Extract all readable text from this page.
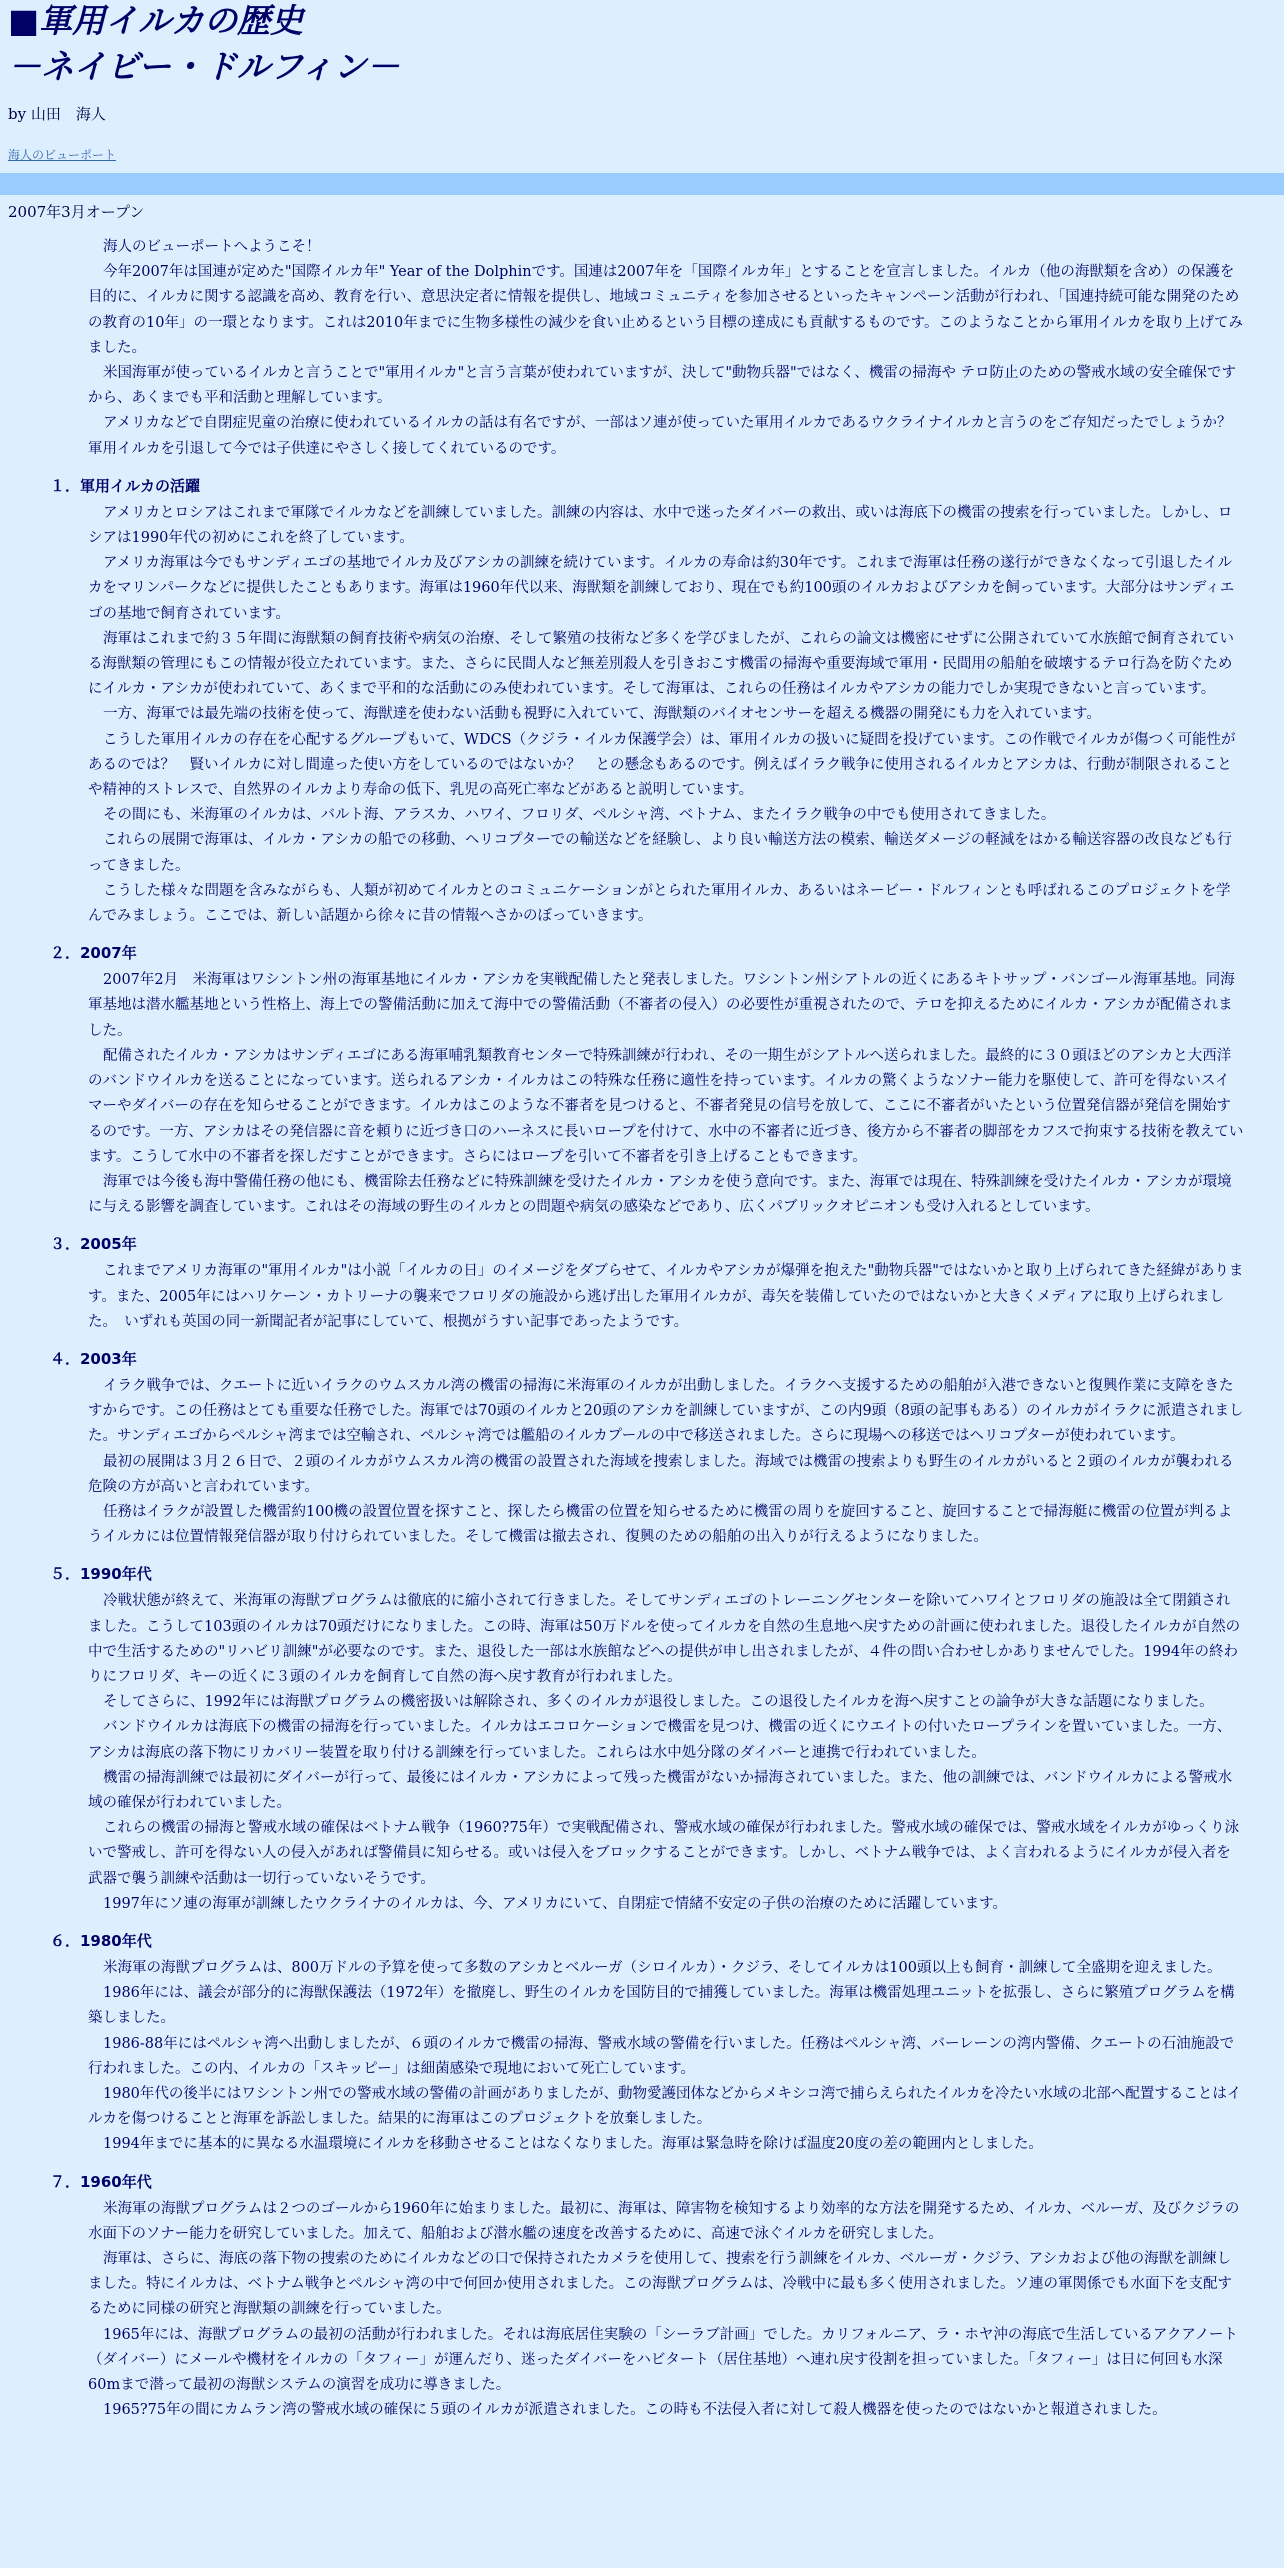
■軍用イルカの歴史
－ネイビー・ドルフィン－
by 山田　海人
海人のビューポート
2007年3月オープン

海人のビューポートへようこそ！

今年2007年は国連が定めた"国際イルカ年" Year of the Dolphinです。国連は2007年を「国際イルカ年」とすることを宣言しました。イルカ（他の海獣類を含め）の保護を目的に、イルカに関する認識を高め、教育を行い、意思決定者に情報を提供し、地域コミュニティを参加させるといったキャンペーン活動が行われ、「国連持続可能な開発のための教育の10年」の一環となります。これは2010年までに生物多様性の減少を食い止めるという目標の達成にも貢献するものです。このようなことから軍用イルカを取り上げてみました。

米国海軍が使っているイルカと言うことで"軍用イルカ"と言う言葉が使われていますが、決して"動物兵器"ではなく、機雷の掃海や テロ防止のための警戒水域の安全確保ですから、あくまでも平和活動と理解しています。

アメリカなどで自閉症児童の治療に使われているイルカの話は有名ですが、一部はソ連が使っていた軍用イルカであるウクライナイルカと言うのをご存知だったでしょうか？　軍用イルカを引退して今では子供達にやさしく接してくれているのです。

１．軍用イルカの活躍

アメリカとロシアはこれまで軍隊でイルカなどを訓練していました。訓練の内容は、水中で迷ったダイバーの救出、或いは海底下の機雷の捜索を行っていました。しかし、ロシアは1990年代の初めにこれを終了しています。

アメリカ海軍は今でもサンディエゴの基地でイルカ及びアシカの訓練を続けています。イルカの寿命は約30年です。これまで海軍は任務の遂行ができなくなって引退したイルカをマリンパークなどに提供したこともあります。海軍は1960年代以来、海獣類を訓練しており、現在でも約100頭のイルカおよびアシカを飼っています。大部分はサンディエゴの基地で飼育されています。

海軍はこれまで約３５年間に海獣類の飼育技術や病気の治療、そして繁殖の技術など多くを学びましたが、これらの論文は機密にせずに公開されていて水族館で飼育されている海獣類の管理にもこの情報が役立たれています。また、さらに民間人など無差別殺人を引きおこす機雷の掃海や重要海域で軍用・民間用の船舶を破壊するテロ行為を防ぐためにイルカ・アシカが使われていて、あくまで平和的な活動にのみ使われています。そして海軍は、これらの任務はイルカやアシカの能力でしか実現できないと言っています。

一方、海軍では最先端の技術を使って、海獣達を使わない活動も視野に入れていて、海獣類のバイオセンサーを超える機器の開発にも力を入れています。

こうした軍用イルカの存在を心配するグループもいて、WDCS（クジラ・イルカ保護学会）は、軍用イルカの扱いに疑問を投げています。この作戦でイルカが傷つく可能性があるのでは？　賢いイルカに対し間違った使い方をしているのではないか？　との懸念もあるのです。例えばイラク戦争に使用されるイルカとアシカは、行動が制限されることや精神的ストレスで、自然界のイルカより寿命の低下、乳児の高死亡率などがあると説明しています。

その間にも、米海軍のイルカは、バルト海、アラスカ、ハワイ、フロリダ、ペルシャ湾、ベトナム、またイラク戦争の中でも使用されてきました。

これらの展開で海軍は、イルカ・アシカの船での移動、ヘリコプターでの輸送などを経験し、より良い輸送方法の模索、輸送ダメージの軽減をはかる輸送容器の改良なども行ってきました。

こうした様々な問題を含みながらも、人類が初めてイルカとのコミュニケーションがとられた軍用イルカ、あるいはネービー・ドルフィンとも呼ばれるこのプロジェクトを学んでみましょう。ここでは、新しい話題から徐々に昔の情報へさかのぼっていきます。

２．2007年

2007年2月　米海軍はワシントン州の海軍基地にイルカ・アシカを実戦配備したと発表しました。ワシントン州シアトルの近くにあるキトサップ・バンゴール海軍基地。同海軍基地は潜水艦基地という性格上、海上での警備活動に加えて海中での警備活動（不審者の侵入）の必要性が重視されたので、テロを抑えるためにイルカ・アシカが配備されました。

配備されたイルカ・アシカはサンディエゴにある海軍哺乳類教育センターで特殊訓練が行われ、その一期生がシアトルへ送られました。最終的に３０頭ほどのアシカと大西洋のバンドウイルカを送ることになっています。送られるアシカ・イルカはこの特殊な任務に適性を持っています。イルカの驚くようなソナー能力を駆使して、許可を得ないスイマーやダイバーの存在を知らせることができます。イルカはこのような不審者を見つけると、不審者発見の信号を放して、ここに不審者がいたという位置発信器が発信を開始するのです。一方、アシカはその発信器に音を頼りに近づき口のハーネスに長いロープを付けて、水中の不審者に近づき、後方から不審者の脚部をカフスで拘束する技術を教えています。こうして水中の不審者を探しだすことができます。さらにはロープを引いて不審者を引き上げることもできます。

海軍では今後も海中警備任務の他にも、機雷除去任務などに特殊訓練を受けたイルカ・アシカを使う意向です。また、海軍では現在、特殊訓練を受けたイルカ・アシカが環境に与える影響を調査しています。これはその海域の野生のイルカとの問題や病気の感染などであり、広くパブリックオピニオンも受け入れるとしています。

３．2005年

これまでアメリカ海軍の"軍用イルカ"は小説「イルカの日」のイメージをダブらせて、イルカやアシカが爆弾を抱えた"動物兵器"ではないかと取り上げられてきた経緯があります。また、2005年にはハリケーン・カトリーナの襲来でフロリダの施設から逃げ出した軍用イルカが、毒矢を装備していたのではないかと大きくメディアに取り上げられました。　いずれも英国の同一新聞記者が記事にしていて、根拠がうすい記事であったようです。

４．2003年

イラク戦争では、クエートに近いイラクのウムスカル湾の機雷の掃海に米海軍のイルカが出動しました。イラクへ支援するための船舶が入港できないと復興作業に支障をきたすからです。この任務はとても重要な任務でした。海軍では70頭のイルカと20頭のアシカを訓練していますが、この内9頭（8頭の記事もある）のイルカがイラクに派遣されました。サンディエゴからペルシャ湾までは空輸され、ペルシャ湾では艦船のイルカプールの中で移送されました。さらに現場への移送ではヘリコプターが使われています。

最初の展開は３月２６日で、２頭のイルカがウムスカル湾の機雷の設置された海域を捜索しました。海域では機雷の捜索よりも野生のイルカがいると２頭のイルカが襲われる危険の方が高いと言われています。

任務はイラクが設置した機雷約100機の設置位置を探すこと、探したら機雷の位置を知らせるために機雷の周りを旋回すること、旋回することで掃海艇に機雷の位置が判るようイルカには位置情報発信器が取り付けられていました。そして機雷は撤去され、復興のための船舶の出入りが行えるようになりました。

５．1990年代

冷戦状態が終えて、米海軍の海獣プログラムは徹底的に縮小されて行きました。そしてサンディエゴのトレーニングセンターを除いてハワイとフロリダの施設は全て閉鎖されました。こうして103頭のイルカは70頭だけになりました。この時、海軍は50万ドルを使ってイルカを自然の生息地へ戻すための計画に使われました。退役したイルカが自然の中で生活するための"リハビリ訓練"が必要なのです。また、退役した一部は水族館などへの提供が申し出されましたが、４件の問い合わせしかありませんでした。1994年の終わりにフロリダ、キーの近くに３頭のイルカを飼育して自然の海へ戻す教育が行われました。

そしてさらに、1992年には海獣プログラムの機密扱いは解除され、多くのイルカが退役しました。この退役したイルカを海へ戻すことの論争が大きな話題になりました。

バンドウイルカは海底下の機雷の掃海を行っていました。イルカはエコロケーションで機雷を見つけ、機雷の近くにウエイトの付いたロープラインを置いていました。一方、アシカは海底の落下物にリカバリー装置を取り付ける訓練を行っていました。これらは水中処分隊のダイバーと連携で行われていました。

機雷の掃海訓練では最初にダイバーが行って、最後にはイルカ・アシカによって残った機雷がないか掃海されていました。また、他の訓練では、バンドウイルカによる警戒水域の確保が行われていました。

これらの機雷の掃海と警戒水域の確保はベトナム戦争（1960?75年）で実戦配備され、警戒水域の確保が行われました。警戒水域の確保では、警戒水域をイルカがゆっくり泳いで警戒し、許可を得ない人の侵入があれば警備員に知らせる。或いは侵入をブロックすることができます。しかし、ベトナム戦争では、よく言われるようにイルカが侵入者を武器で襲う訓練や活動は一切行っていないそうです。

1997年にソ連の海軍が訓練したウクライナのイルカは、今、アメリカにいて、自閉症で情緒不安定の子供の治療のために活躍しています。

６．1980年代

米海軍の海獣プログラムは、800万ドルの予算を使って多数のアシカとベルーガ（シロイルカ）・クジラ、そしてイルカは100頭以上も飼育・訓練して全盛期を迎えました。

1986年には、議会が部分的に海獣保護法（1972年）を撤廃し、野生のイルカを国防目的で捕獲していました。海軍は機雷処理ユニットを拡張し、さらに繁殖プログラムを構築しました。

1986-88年にはペルシャ湾へ出動しましたが、６頭のイルカで機雷の掃海、警戒水域の警備を行いました。任務はペルシャ湾、バーレーンの湾内警備、クエートの石油施設で行われました。この内、イルカの「スキッピー」は細菌感染で現地において死亡しています。

1980年代の後半にはワシントン州での警戒水域の警備の計画がありましたが、動物愛護団体などからメキシコ湾で捕らえられたイルカを冷たい水域の北部へ配置することはイルカを傷つけることと海軍を訴訟しました。結果的に海軍はこのプロジェクトを放棄しました。

1994年までに基本的に異なる水温環境にイルカを移動させることはなくなりました。海軍は緊急時を除けば温度20度の差の範囲内としました。

７．1960年代

米海軍の海獣プログラムは２つのゴールから1960年に始まりました。最初に、海軍は、障害物を検知するより効率的な方法を開発するため、イルカ、ベルーガ、及びクジラの水面下のソナー能力を研究していました。加えて、船舶および潜水艦の速度を改善するために、高速で泳ぐイルカを研究しました。

海軍は、さらに、海底の落下物の捜索のためにイルカなどの口で保持されたカメラを使用して、捜索を行う訓練をイルカ、ベルーガ・クジラ、アシカおよび他の海獣を訓練しました。特にイルカは、ベトナム戦争とペルシャ湾の中で何回か使用されました。この海獣プログラムは、冷戦中に最も多く使用されました。ソ連の軍関係でも水面下を支配するために同様の研究と海獣類の訓練を行っていました。

1965年には、海獣プログラムの最初の活動が行われました。それは海底居住実験の「シーラブ計画」でした。カリフォルニア、ラ・ホヤ沖の海底で生活しているアクアノート（ダイバー）にメールや機材をイルカの「タフィー」が運んだり、迷ったダイバーをハビタート（居住基地）へ連れ戻す役割を担っていました。「タフィー」は日に何回も水深60mまで潜って最初の海獣システムの演習を成功に導きました。

1965?75年の間にカムラン湾の警戒水域の確保に５頭のイルカが派遣されました。この時も不法侵入者に対して殺人機器を使ったのではないかと報道されました。
